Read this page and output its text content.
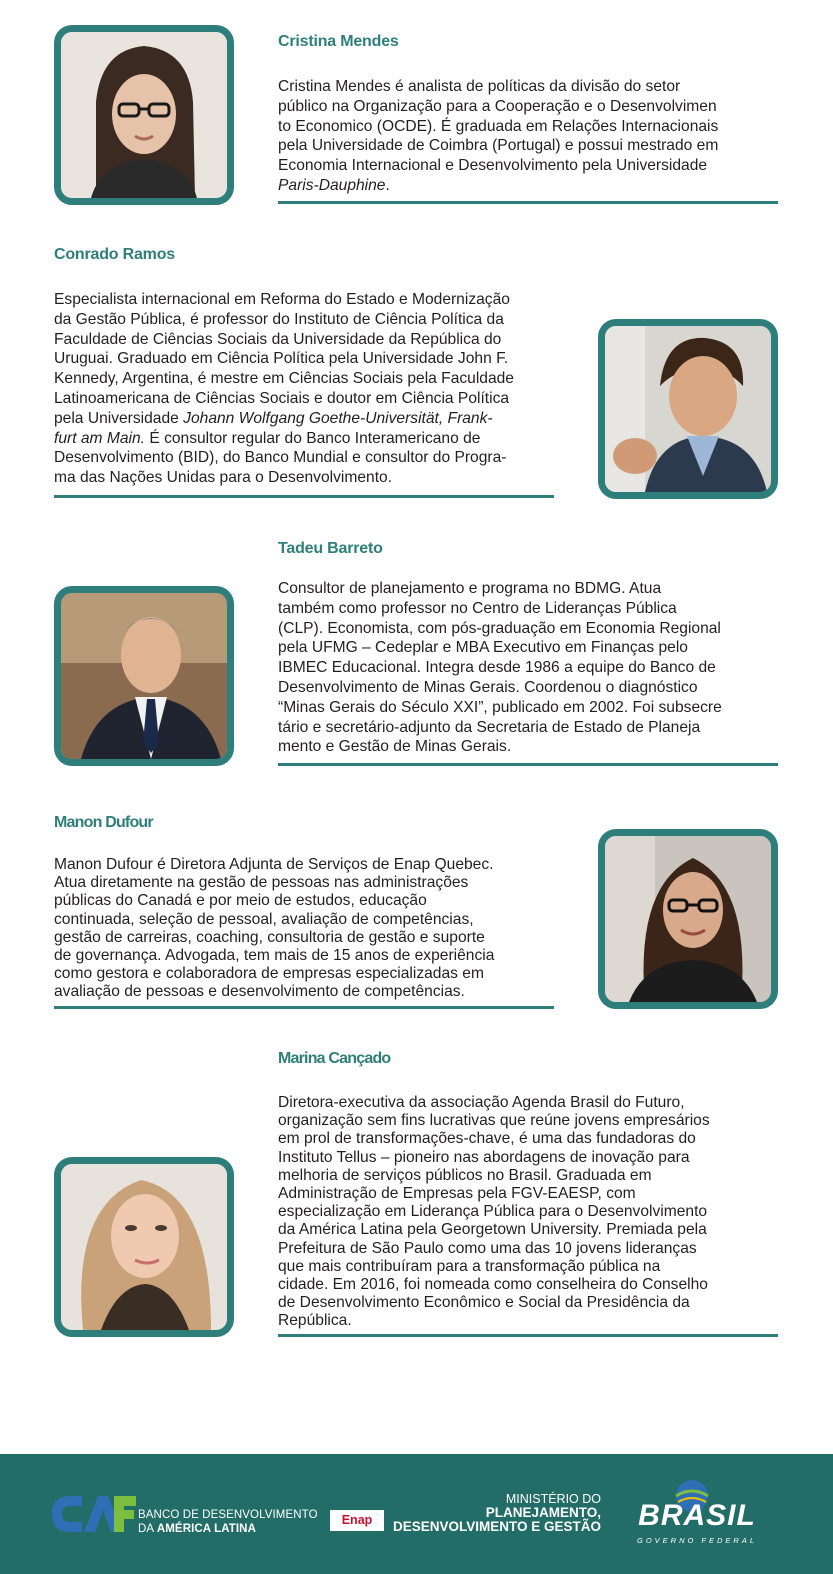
Cristina Mendes
Cristina Mendes é analista de políticas da divisão do setor
público na Organização para a Cooperação e o Desenvolvimen
to Economico (OCDE). É graduada em Relações Internacionais
pela Universidade de Coimbra (Portugal) e possui mestrado em
Economia Internacional e Desenvolvimento pela Universidade
Paris-Dauphine.
Conrado Ramos
Especialista internacional em Reforma do Estado e Modernização
da Gestão Pública, é professor do Instituto de Ciência Política da
Faculdade de Ciências Sociais da Universidade da República do
Uruguai. Graduado em Ciência Política pela Universidade John F.
Kennedy, Argentina, é mestre em Ciências Sociais pela Faculdade
Latinoamericana de Ciências Sociais e doutor em Ciência Política
pela Universidade Johann Wolfgang Goethe-Universität, Frank-
furt am Main. É consultor regular do Banco Interamericano de
Desenvolvimento (BID), do Banco Mundial e consultor do Progra-
ma das Nações Unidas para o Desenvolvimento.
Tadeu Barreto
Consultor de planejamento e programa no BDMG. Atua
também como professor no Centro de Lideranças Pública
(CLP). Economista, com pós-graduação em Economia Regional
pela UFMG – Cedeplar e MBA Executivo em Finanças pelo
IBMEC Educacional. Integra desde 1986 a equipe do Banco de
Desenvolvimento de Minas Gerais. Coordenou o diagnóstico
“Minas Gerais do Século XXI”, publicado em 2002. Foi subsecre
tário e secretário-adjunto da Secretaria de Estado de Planeja
mento e Gestão de Minas Gerais.
Manon Dufour
Manon Dufour é Diretora Adjunta de Serviços de Enap Quebec.
Atua diretamente na gestão de pessoas nas administrações
públicas do Canadá e por meio de estudos, educação
continuada, seleção de pessoal, avaliação de competências,
gestão de carreiras, coaching, consultoria de gestão e suporte
de governança. Advogada, tem mais de 15 anos de experiência
como gestora e colaboradora de empresas especializadas em
avaliação de pessoas e desenvolvimento de competências.
Marina Cançado
Diretora-executiva da associação Agenda Brasil do Futuro,
organização sem fins lucrativas que reúne jovens empresários
em prol de transformações-chave, é uma das fundadoras do
Instituto Tellus – pioneiro nas abordagens de inovação para
melhoria de serviços públicos no Brasil. Graduada em
Administração de Empresas pela FGV-EAESP, com
especialização em Liderança Pública para o Desenvolvimento
da América Latina pela Georgetown University. Premiada pela
Prefeitura de São Paulo como uma das 10 jovens lideranças
que mais contribuíram para a transformação pública na
cidade. Em 2016, foi nomeada como conselheira do Conselho
de Desenvolvimento Econômico e Social da Presidência da
República.
BANCO DE DESENVOLVIMENTO
DA AMÉRICA LATINA
Enap
MINISTÉRIO DO
PLANEJAMENTO,
DESENVOLVIMENTO E GESTÃO	BRASIL
GOVERNO FEDERAL
